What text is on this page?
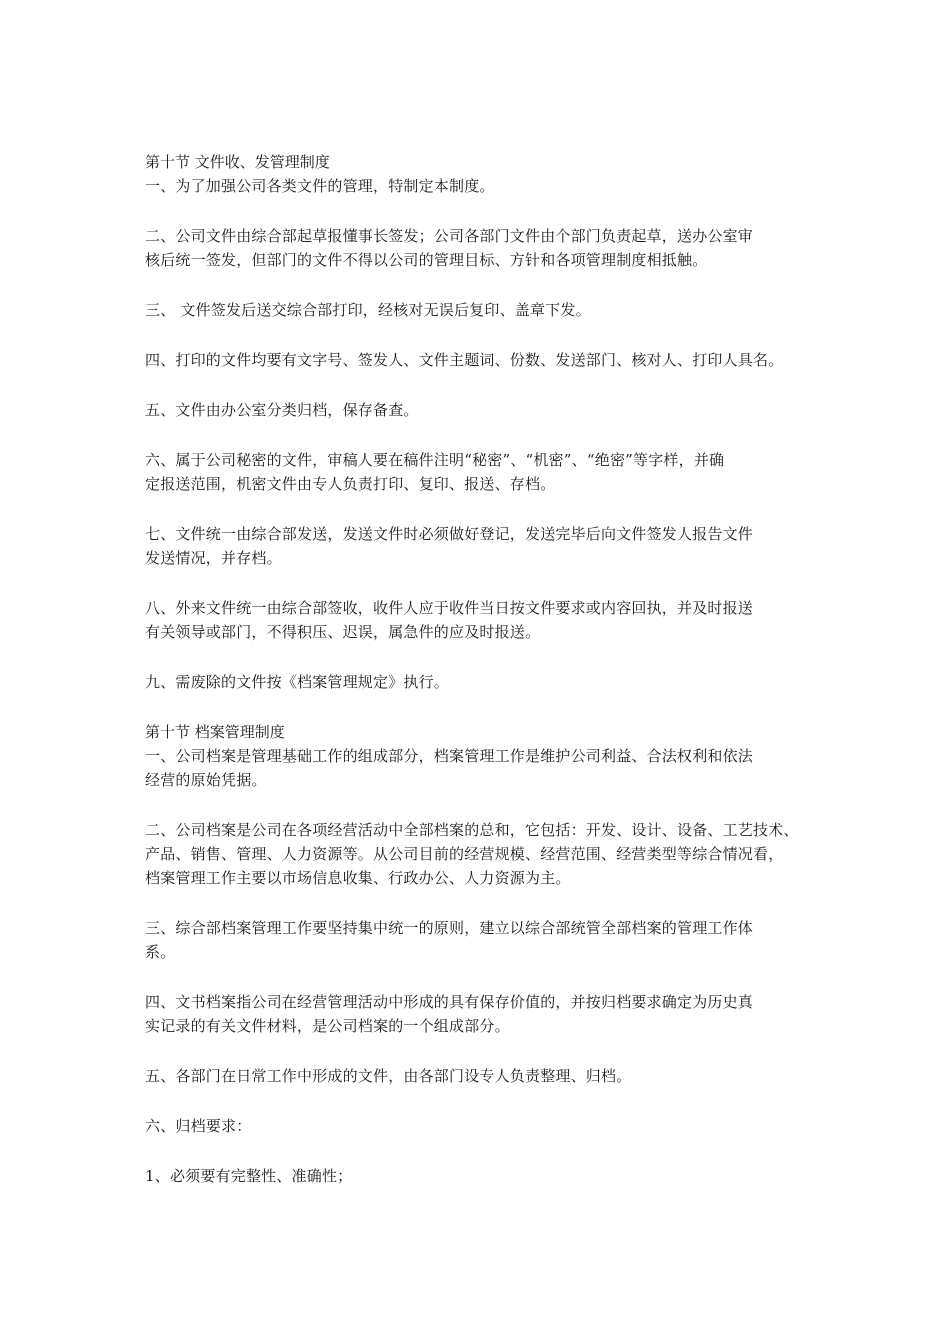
第十节 文件收、发管理制度
一、为了加强公司各类文件的管理，特制定本制度。
二、公司文件由综合部起草报懂事长签发；公司各部门文件由个部门负责起草，送办公室审
核后统一签发，但部门的文件不得以公司的管理目标、方针和各项管理制度相抵触。
三、 文件签发后送交综合部打印，经核对无误后复印、盖章下发。
四、打印的文件均要有文字号、签发人、文件主题词、份数、发送部门、核对人、打印人具名。
五、文件由办公室分类归档，保存备查。
六、属于公司秘密的文件，审稿人要在稿件注明“秘密”、“机密”、“绝密”等字样，并确
定报送范围，机密文件由专人负责打印、复印、报送、存档。
七、文件统一由综合部发送，发送文件时必须做好登记，发送完毕后向文件签发人报告文件
发送情况，并存档。
八、外来文件统一由综合部签收，收件人应于收件当日按文件要求或内容回执，并及时报送
有关领导或部门，不得积压、迟误，属急件的应及时报送。
九、需废除的文件按《档案管理规定》执行。
第十节 档案管理制度
一、公司档案是管理基础工作的组成部分，档案管理工作是维护公司利益、合法权利和依法
经营的原始凭据。
二、公司档案是公司在各项经营活动中全部档案的总和，它包括：开发、设计、设备、工艺技术、
产品、销售、管理、人力资源等。从公司目前的经营规模、经营范围、经营类型等综合情况看，
档案管理工作主要以市场信息收集、行政办公、人力资源为主。
三、综合部档案管理工作要坚持集中统一的原则，建立以综合部统管全部档案的管理工作体
系。
四、文书档案指公司在经营管理活动中形成的具有保存价值的，并按归档要求确定为历史真
实记录的有关文件材料，是公司档案的一个组成部分。
五、各部门在日常工作中形成的文件，由各部门设专人负责整理、归档。
六、归档要求：
1、必须要有完整性、准确性；
